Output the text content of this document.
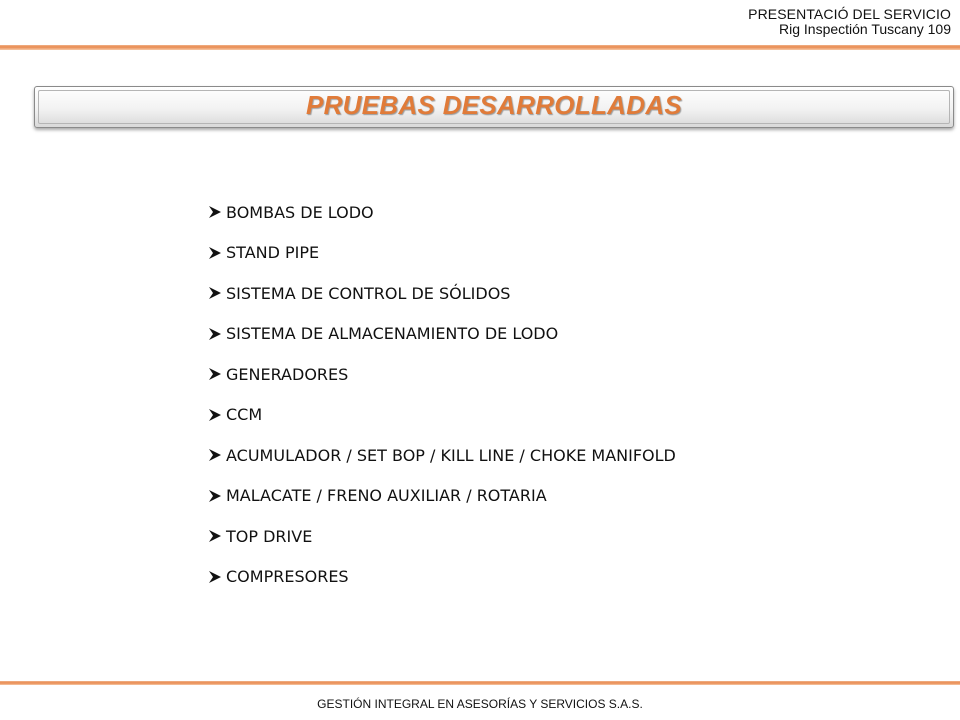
PRESENTACIÓ DEL SERVICIO
Rig Inspectión Tuscany 109
PRUEBAS DESARROLLADAS
BOMBAS DE LODO
STAND PIPE
SISTEMA DE CONTROL DE SÓLIDOS
SISTEMA DE ALMACENAMIENTO DE LODO
GENERADORES
CCM
ACUMULADOR / SET BOP / KILL LINE / CHOKE MANIFOLD
MALACATE / FRENO AUXILIAR / ROTARIA
TOP DRIVE
COMPRESORES
GESTIÓN INTEGRAL EN ASESORÍAS Y SERVICIOS S.A.S.
